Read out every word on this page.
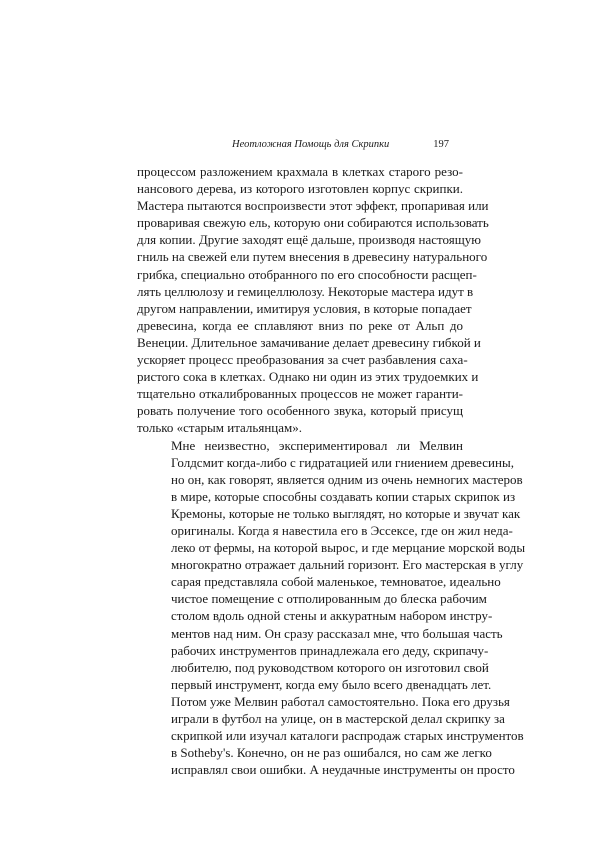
Неотложная Помощь для Скрипки	197
процессом разложением крахмала в клетках старого резо-
нансового дерева, из которого изготовлен корпус скрипки.
Мастера пытаются воспроизвести этот эффект, пропаривая или
проваривая свежую ель, которую они собираются использовать
для копии. Другие заходят ещё дальше, производя настоящую
гниль на свежей ели путем внесения в древесину натурального
грибка, специально отобранного по его способности расщеп-
лять целлюлозу и гемицеллюлозу. Некоторые мастера идут в
другом направлении, имитируя условия, в которые попадает
древесина, когда ее сплавляют вниз по реке от Альп до
Венеции. Длительное замачивание делает древесину гибкой и
ускоряет процесс преобразования за счет разбавления саха-
ристого сока в клетках. Однако ни один из этих трудоемких и
тщательно откалиброванных процессов не может гаранти-
ровать получение того особенного звука, который присущ
только «старым итальянцам».
Мне неизвестно, экспериментировал ли Мелвин
Голдсмит когда-либо с гидратацией или гниением древесины,
но он, как говорят, является одним из очень немногих мастеров
в мире, которые способны создавать копии старых скрипок из
Кремоны, которые не только выглядят, но которые и звучат как
оригиналы. Когда я навестила его в Эссексе, где он жил неда-
леко от фермы, на которой вырос, и где мерцание морской воды
многократно отражает дальний горизонт. Его мастерская в углу
сарая представляла собой маленькое, темноватое, идеально
чистое помещение с отполированным до блеска рабочим
столом вдоль одной стены и аккуратным набором инстру-
ментов над ним. Он сразу рассказал мне, что большая часть
рабочих инструментов принадлежала его деду, скрипачу-
любителю, под руководством которого он изготовил свой
первый инструмент, когда ему было всего двенадцать лет.
Потом уже Мелвин работал самостоятельно. Пока его друзья
играли в футбол на улице, он в мастерской делал скрипку за
скрипкой или изучал каталоги распродаж старых инструментов
в Sotheby's. Конечно, он не раз ошибался, но сам же легко
исправлял свои ошибки. А неудачные инструменты он просто
